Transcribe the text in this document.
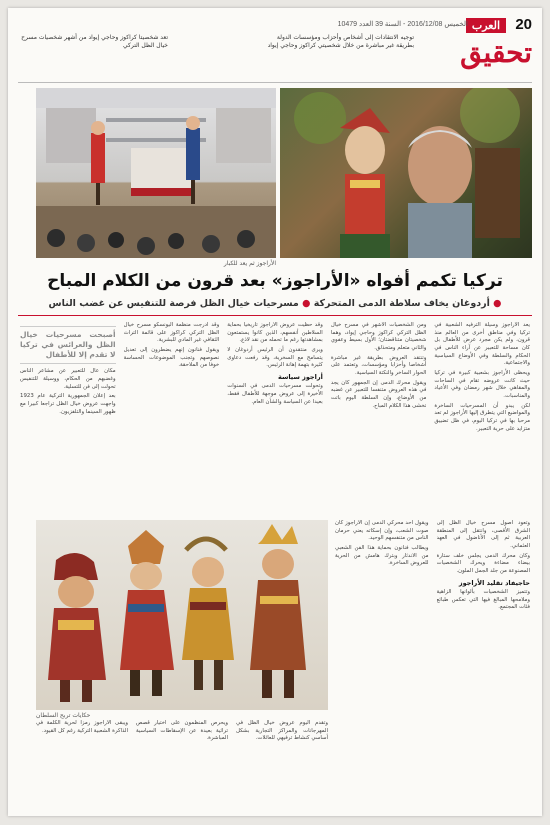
20
العرب
الخميس 2016/12/08 - السنة 39 العدد 10479
تحقيق
توجيه الانتقادات إلى أشخاص وأحزاب ومؤسسات الدولة بطريقة غير مباشرة من خلال شخصيتي كراكوز وحاجي إيواد
تعد شخصيتا كراكوز وحاجي إيواد من أشهر شخصيات مسرح خيال الظل التركي
الأراجوز ثم يعد للكبار
تركيا تكمم أفواه «الأراجوز» بعد قرون من الكلام المباح
● أردوغان يخاف سلاطة الدمى المتحركة ● مسرحيات خيال الظل فرصة للتنفيس عن غضب الناس

يعد الأراجوز وسيلة الترفيه الشعبية في تركيا وفي مناطق أخرى من العالم منذ قرون، ولم يكن مجرد عرض للأطفال بل كان مساحة للتعبير عن آراء الناس في الحكام والسلطة وفي الأوضاع السياسية والاجتماعية.

ويحظى الأراجوز بشعبية كبيرة في تركيا حيث كانت عروضه تقام في الساحات والمقاهي خلال شهر رمضان وفي الأعياد والمناسبات.

لكن يبدو أن المسرحيات الساخرة والمواضيع التي يتطرق إليها الأراجوز لم تعد مرحبا بها في تركيا اليوم، في ظل تضييق متزايد على حرية التعبير.

ومن الشخصيات الأشهر في مسرح خيال الظل التركي كراكوز وحاجي إيواد، وهما شخصيتان متناقضتان؛ الأول بسيط وعفوي والثاني متعلم ومتحذلق.

وتنتقد العروض بطريقة غير مباشرة أشخاصا وأحزابا ومؤسسات، وتعتمد على الحوار الساخر والنكتة السياسية.

ويقول محرك الدمى إن الجمهور كان يجد في هذه العروض متنفسا للتعبير عن غضبه من الأوضاع، وإن السلطة اليوم باتت تخشى هذا الكلام المباح.

وقد حظيت عروض الأراجوز تاريخيا بحماية السلاطين أنفسهم، الذين كانوا يستمتعون بمشاهدتها رغم ما تحمله من نقد لاذع.

ويرى منتقدون أن الرئيس أردوغان لا يتسامح مع السخرية، وقد رفعت دعاوى كثيرة بتهمة إهانة الرئيس.

أراجوز سياسة

وتحولت مسرحيات الدمى في السنوات الأخيرة إلى عروض موجهة للأطفال فقط، بعيدا عن السياسة والشأن العام.

وقد أدرجت منظمة اليونسكو مسرح خيال الظل التركي كراكوز على قائمة التراث الثقافي غير المادي للبشرية.

ويقول فنانون إنهم يضطرون إلى تعديل نصوصهم وتجنب الموضوعات الحساسة خوفا من الملاحقة.

أصبحت مسرحيات خيال الظل والعرائس في تركيا لا تقدم إلا للأطفال

مكان عال للتعبير عن مشاعر الناس وغضبهم من الحكام، ووسيلة للتنفيس تحولت إلى فن للتسلية.

بعد إعلان الجمهورية التركية عام 1923 واجهت عروض خيال الظل تراجعا كبيرا مع ظهور السينما والتلفزيون.

حكايات تربح السلطان

وتعود أصول مسرح خيال الظل إلى الشرق الأقصى، وانتقل إلى المنطقة العربية ثم إلى الأناضول في العهد العثماني.

وكان محرك الدمى يجلس خلف ستارة بيضاء مضاءة ويحرك الشخصيات المصنوعة من جلد الجمل الملون.

حاجيفاد تقليد الأراجوز

وتتميز الشخصيات بألوانها الزاهية وملامحها المبالغ فيها التي تعكس طبائع فئات المجتمع.

ويقول أحد محركي الدمى إن الأراجوز كان صوت الشعب، وإن إسكاته يعني حرمان الناس من متنفسهم الوحيد.

ويطالب فنانون بحماية هذا الفن الشعبي من الاندثار وبترك هامش من الحرية للعروض الساخرة.

وتقدم اليوم عروض خيال الظل في المهرجانات والمراكز التجارية بشكل أساسي كنشاط ترفيهي للعائلات.
ويحرص المنظمون على اختيار قصص تراثية بعيدة عن الإسقاطات السياسية المباشرة.
ويبقى الأراجوز رمزا لحرية الكلمة في الذاكرة الشعبية التركية رغم كل القيود.
